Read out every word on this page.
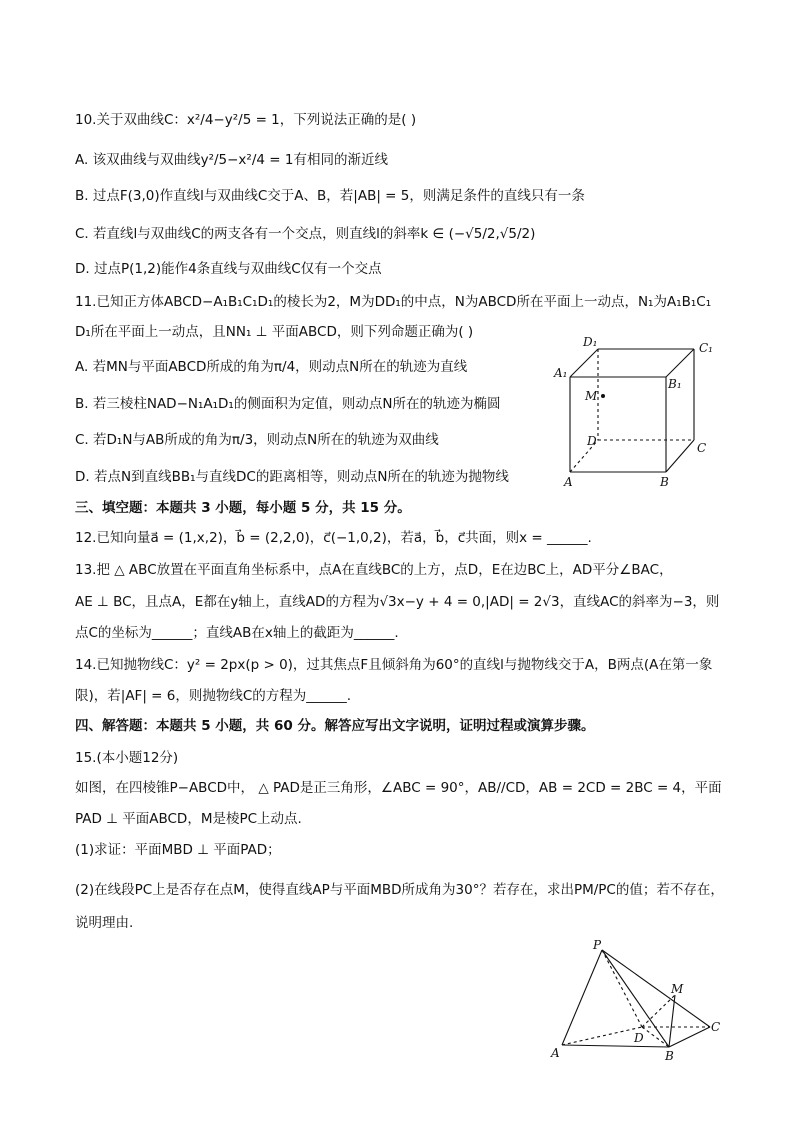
10.关于双曲线C：x²/4−y²/5 = 1，下列说法正确的是( )
A. 该双曲线与双曲线y²/5−x²/4 = 1有相同的渐近线
B. 过点F(3,0)作直线l与双曲线C交于A、B，若|AB| = 5，则满足条件的直线只有一条
C. 若直线l与双曲线C的两支各有一个交点，则直线l的斜率k ∈ (−√5/2,√5/2)
D. 过点P(1,2)能作4条直线与双曲线C仅有一个交点
11.已知正方体ABCD−A₁B₁C₁D₁的棱长为2，M为DD₁的中点，N为ABCD所在平面上一动点，N₁为A₁B₁C₁
D₁所在平面上一动点，且NN₁ ⊥ 平面ABCD，则下列命题正确为( )
A. 若MN与平面ABCD所成的角为π/4，则动点N所在的轨迹为直线
B. 若三棱柱NAD−N₁A₁D₁的侧面积为定值，则动点N所在的轨迹为椭圆
C. 若D₁N与AB所成的角为π/3，则动点N所在的轨迹为双曲线
D. 若点N到直线BB₁与直线DC的距离相等，则动点N所在的轨迹为抛物线
三、填空题：本题共 3 小题，每小题 5 分，共 15 分。
12.已知向量a⃗ = (1,x,2)，b⃗ = (2,2,0)，c⃗(−1,0,2)，若a⃗，b⃗，c⃗共面，则x = ______.
13.把 △ ABC放置在平面直角坐标系中，点A在直线BC的上方，点D，E在边BC上，AD平分∠BAC，
AE ⊥ BC，且点A，E都在y轴上，直线AD的方程为√3x−y + 4 = 0,|AD| = 2√3，直线AC的斜率为−3，则
点C的坐标为______；直线AB在x轴上的截距为______.
14.已知抛物线C：y² = 2px(p > 0)，过其焦点F且倾斜角为60°的直线l与抛物线交于A，B两点(A在第一象
限)，若|AF| = 6，则抛物线C的方程为______.
四、解答题：本题共 5 小题，共 60 分。解答应写出文字说明，证明过程或演算步骤。
15.(本小题12分)
如图，在四棱锥P−ABCD中， △ PAD是正三角形，∠ABC = 90°，AB//CD，AB = 2CD = 2BC = 4，平面
PAD ⊥ 平面ABCD，M是棱PC上动点.
(1)求证：平面MBD ⊥ 平面PAD；
(2)在线段PC上是否存在点M，使得直线AP与平面MBD所成角为30°？若存在，求出PM/PC的值；若不存在，
说明理由.
D₁	C₁
A₁
B₁
M
D	C
A	B
P
M
C
D
A	B
